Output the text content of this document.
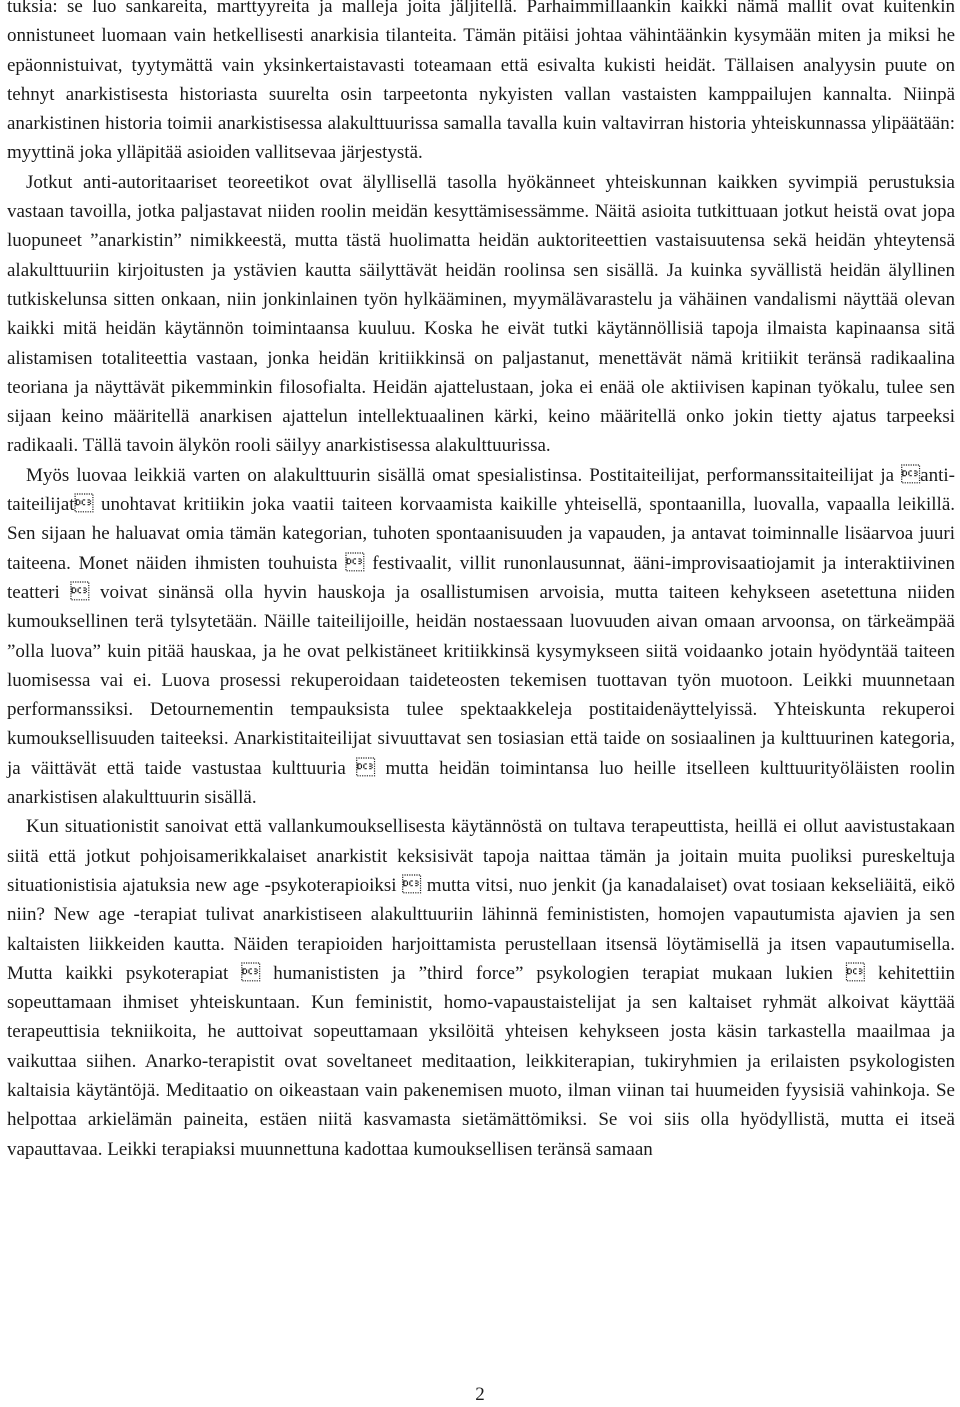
tuksia: se luo sankareita, marttyyreita ja malleja joita jäljitellä. Parhaimmillaankin kaikki nämä mallit ovat kuitenkin onnistuneet luomaan vain hetkellisesti anarkisia tilanteita. Tämän pitäisi johtaa vähintäänkin kysymään miten ja miksi he epäonnistuivat, tyytymättä vain yksinkertaistavasti toteamaan että esivalta kukisti heidät. Tällaisen analyysin puute on tehnyt anarkistisesta historiasta suurelta osin tarpeetonta nykyisten vallan vastaisten kamppailujen kannalta. Niinpä anarkistinen historia toimii anarkistisessa alakulttuurissa samalla tavalla kuin valtavirran historia yhteiskunnassa ylipäätään: myyttinä joka ylläpitää asioiden vallitsevaa järjestystä.

Jotkut anti-autoritaariset teoreetikot ovat älyllisellä tasolla hyökänneet yhteiskunnan kaikken syvimpiä perustuksia vastaan tavoilla, jotka paljastavat niiden roolin meidän kesyttämisessämme. Näitä asioita tutkittuaan jotkut heistä ovat jopa luopuneet ”anarkistin” nimikkeestä, mutta tästä huolimatta heidän auktoriteettien vastaisuutensa sekä heidän yhteytensä alakulttuuriin kirjoitusten ja ystävien kautta säilyttävät heidän roolinsa sen sisällä. Ja kuinka syvällistä heidän älyllinen tutkiskelunsa sitten onkaan, niin jonkinlainen työn hylkääminen, myymälävarastelu ja vähäinen vandalismi näyttää olevan kaikki mitä heidän käytännön toimintaansa kuuluu. Koska he eivät tutki käytännöllisiä tapoja ilmaista kapinaansa sitä alistamisen totaliteettia vastaan, jonka heidän kritiikkinsä on paljastanut, menettävät nämä kritiikit teränsä radikaalina teoriana ja näyttävät pikemminkin filosofialta. Heidän ajattelustaan, joka ei enää ole aktiivisen kapinan työkalu, tulee sen sijaan keino määritellä anarkisen ajattelun intellektuaalinen kärki, keino määritellä onko jokin tietty ajatus tarpeeksi radikaali. Tällä tavoin älykön rooli säilyy anarkistisessa alakulttuurissa.

Myös luovaa leikkiä varten on alakulttuurin sisällä omat spesialistinsa. Postitaiteilijat, performanssitaiteilijat ja anti-taiteilijat unohtavat kritiikin joka vaatii taiteen korvaamista kaikille yhteisellä, spontaanilla, luovalla, vapaalla leikillä. Sen sijaan he haluavat omia tämän kategorian, tuhoten spontaanisuuden ja vapauden, ja antavat toiminnalle lisäarvoa juuri taiteena. Monet näiden ihmisten touhuista  festivaalit, villit runonlausunnat, ääni-improvisaatiojamit ja interaktiivinen teatteri  voivat sinänsä olla hyvin hauskoja ja osallistumisen arvoisia, mutta taiteen kehykseen asetettuna niiden kumouksellinen terä tylsytetään. Näille taiteilijoille, heidän nostaessaan luovuuden aivan omaan arvoonsa, on tärkeämpää ”olla luova” kuin pitää hauskaa, ja he ovat pelkistäneet kritiikkinsä kysymykseen siitä voidaanko jotain hyödyntää taiteen luomisessa vai ei. Luova prosessi rekuperoidaan taideteosten tekemisen tuottavan työn muotoon. Leikki muunnetaan performanssiksi. Detournementin tempauksista tulee spektaakkeleja postitaidenäyttelyissä. Yhteiskunta rekuperoi kumouksellisuuden taiteeksi. Anarkistitaiteilijat sivuuttavat sen tosiasian että taide on sosiaalinen ja kulttuurinen kategoria, ja väittävät että taide vastustaa kulttuuria  mutta heidän toimintansa luo heille itselleen kulttuurityöläisten roolin anarkistisen alakulttuurin sisällä.

Kun situationistit sanoivat että vallankumouksellisesta käytännöstä on tultava terapeuttista, heillä ei ollut aavistustakaan siitä että jotkut pohjoisamerikkalaiset anarkistit keksisivät tapoja naittaa tämän ja joitain muita puoliksi pureskeltuja situationistisia ajatuksia new age -psykoterapioiksi  mutta vitsi, nuo jenkit (ja kanadalaiset) ovat tosiaan kekseliäitä, eikö niin? New age -terapiat tulivat anarkistiseen alakulttuuriin lähinnä feminististen, homojen vapautumista ajavien ja sen kaltaisten liikkeiden kautta. Näiden terapioiden harjoittamista perustellaan itsensä löytämisellä ja itsen vapautumisella. Mutta kaikki psykoterapiat  humanististen ja ”third force” psykologien terapiat mukaan lukien  kehitettiin sopeuttamaan ihmiset yhteiskuntaan. Kun feministit, homo-vapaustaistelijat ja sen kaltaiset ryhmät alkoivat käyttää terapeuttisia tekniikoita, he auttoivat sopeuttamaan yksilöitä yhteisen kehykseen josta käsin tarkastella maailmaa ja vaikuttaa siihen. Anarko-terapistit ovat soveltaneet meditaation, leikkiterapian, tukiryhmien ja erilaisten psykologisten kaltaisia käytäntöjä. Meditaatio on oikeastaan vain pakenemisen muoto, ilman viinan tai huumeiden fyysisiä vahinkoja. Se helpottaa arkielämän paineita, estäen niitä kasvamasta sietämättömiksi. Se voi siis olla hyödyllistä, mutta ei itseä vapauttavaa. Leikki terapiaksi muunnettuna kadottaa kumouksellisen teränsä samaan

2
